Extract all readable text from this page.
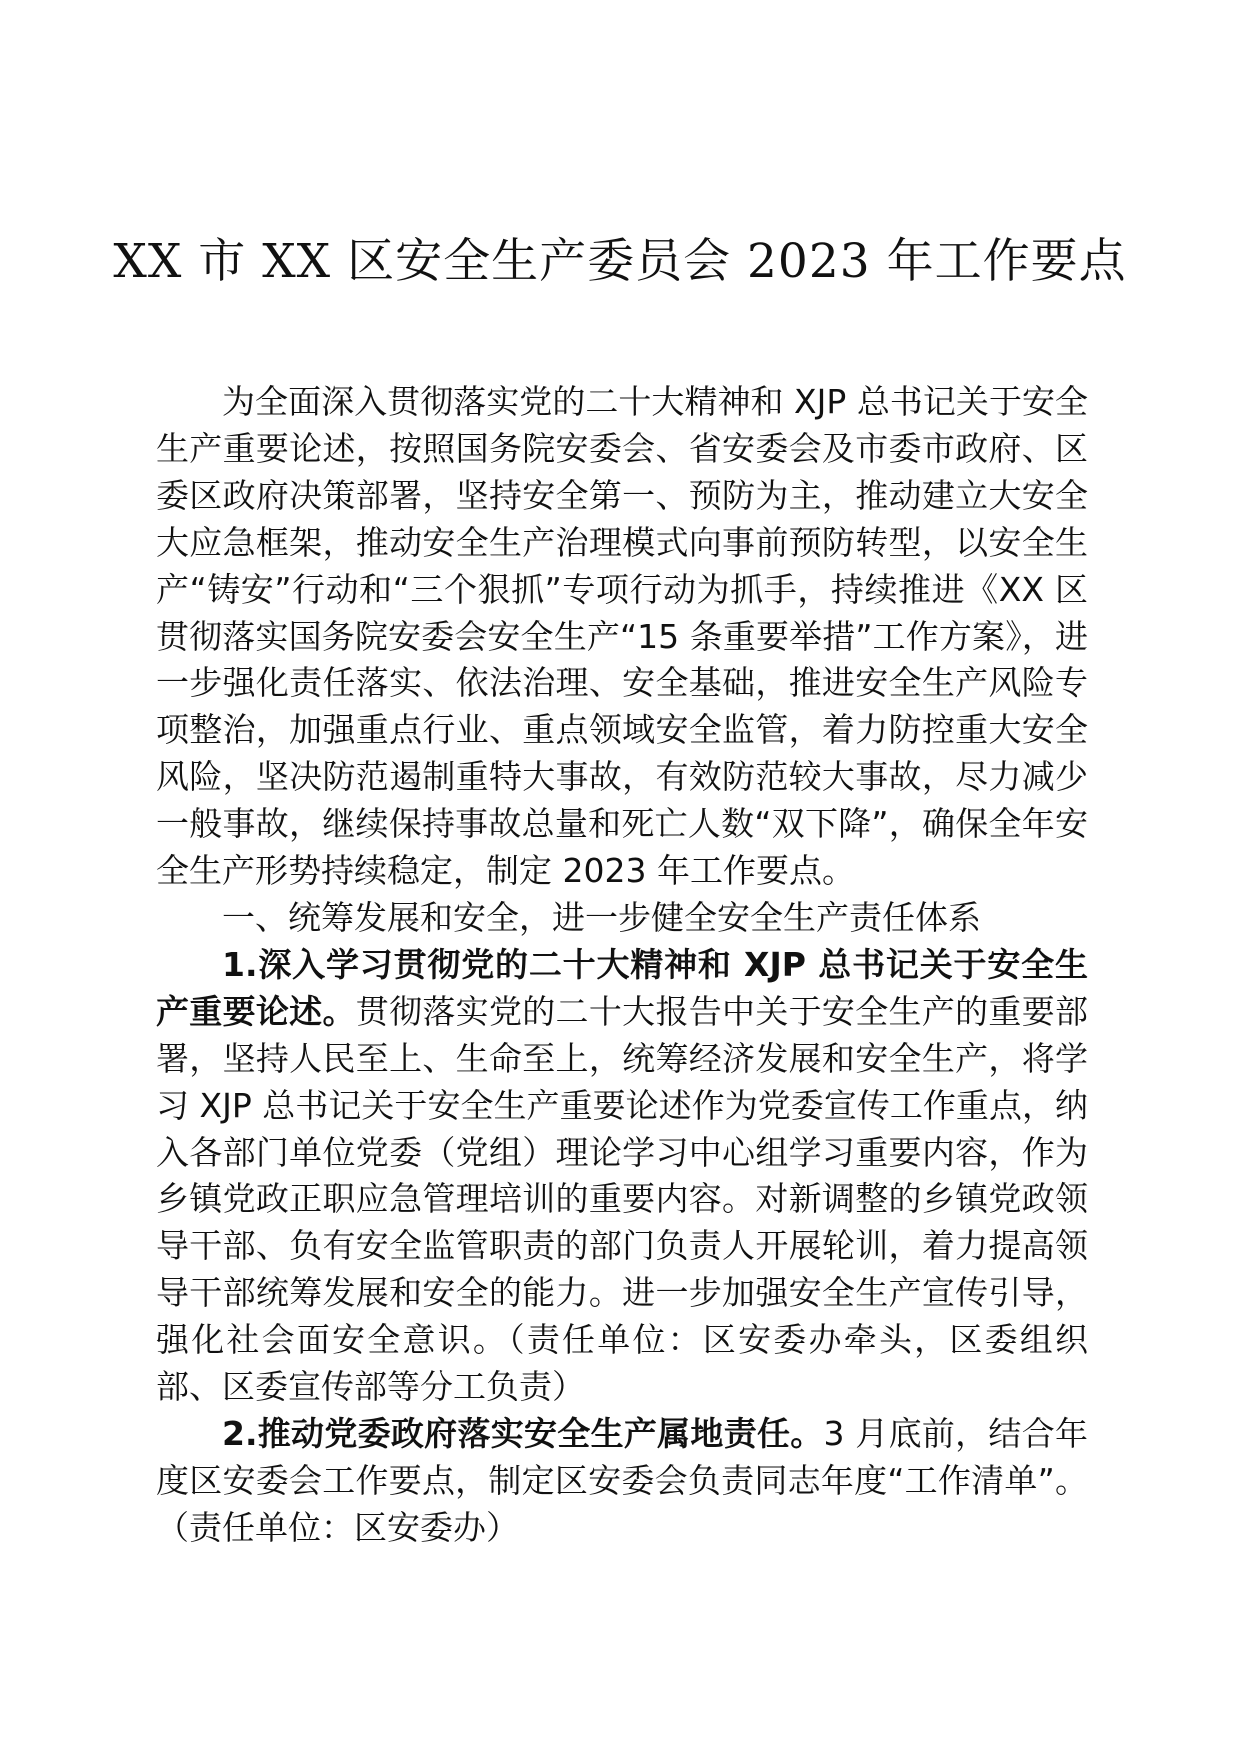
XX 市 XX 区安全生产委员会 2023 年工作要点

为全面深入贯彻落实党的二十大精神和 XJP 总书记关于安全生产重要论述，按照国务院安委会、省安委会及市委市政府、区委区政府决策部署，坚持安全第一、预防为主，推动建立大安全大应急框架，推动安全生产治理模式向事前预防转型，以安全生产“铸安”行动和“三个狠抓”专项行动为抓手，持续推进《XX 区贯彻落实国务院安委会安全生产“15 条重要举措”工作方案》，进一步强化责任落实、依法治理、安全基础，推进安全生产风险专项整治，加强重点行业、重点领域安全监管，着力防控重大安全风险，坚决防范遏制重特大事故，有效防范较大事故，尽力减少一般事故，继续保持事故总量和死亡人数“双下降”，确保全年安全生产形势持续稳定，制定 2023 年工作要点。

一、统筹发展和安全，进一步健全安全生产责任体系

1.深入学习贯彻党的二十大精神和 XJP 总书记关于安全生产重要论述。贯彻落实党的二十大报告中关于安全生产的重要部署，坚持人民至上、生命至上，统筹经济发展和安全生产，将学习 XJP 总书记关于安全生产重要论述作为党委宣传工作重点，纳入各部门单位党委（党组）理论学习中心组学习重要内容，作为乡镇党政正职应急管理培训的重要内容。对新调整的乡镇党政领导干部、负有安全监管职责的部门负责人开展轮训，着力提高领导干部统筹发展和安全的能力。进一步加强安全生产宣传引导，强化社会面安全意识。（责任单位：区安委办牵头，区委组织部、区委宣传部等分工负责）

2.推动党委政府落实安全生产属地责任。3 月底前，结合年度区安委会工作要点，制定区安委会负责同志年度“工作清单”。（责任单位：区安委办）
